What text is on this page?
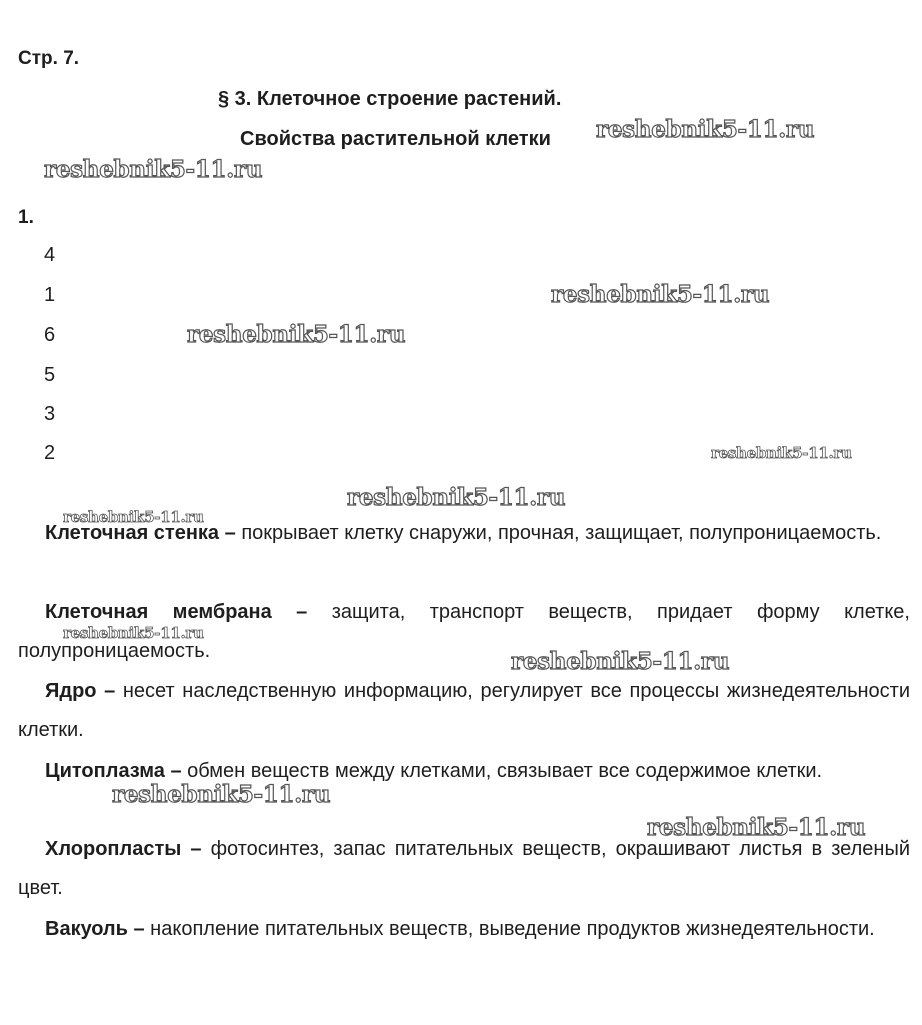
Стр. 7.
§ 3. Клеточное строение растений.
Свойства растительной клетки
1.
4
1
6
5
3
2

Клеточная стенка – покрывает клетку снаружи, прочная, защищает, полупроницаемость.

Клеточная мембрана – защита, транспорт веществ, придает форму клетке, полупроницаемость.

Ядро – несет наследственную информацию, регулирует все процессы жизнедеятельности клетки.

Цитоплазма – обмен веществ между клетками, связывает все содержимое клетки.

Хлоропласты – фотосинтез, запас питательных веществ, окрашивают листья в зеленый цвет.

Вакуоль – накопление питательных веществ, выведение продуктов жизнедеятельности.

reshebnik5-11.ru
reshebnik5-11.ru
reshebnik5-11.ru
reshebnik5-11.ru
reshebnik5-11.ru
reshebnik5-11.ru
reshebnik5-11.ru
reshebnik5-11.ru
reshebnik5-11.ru
reshebnik5-11.ru
reshebnik5-11.ru
